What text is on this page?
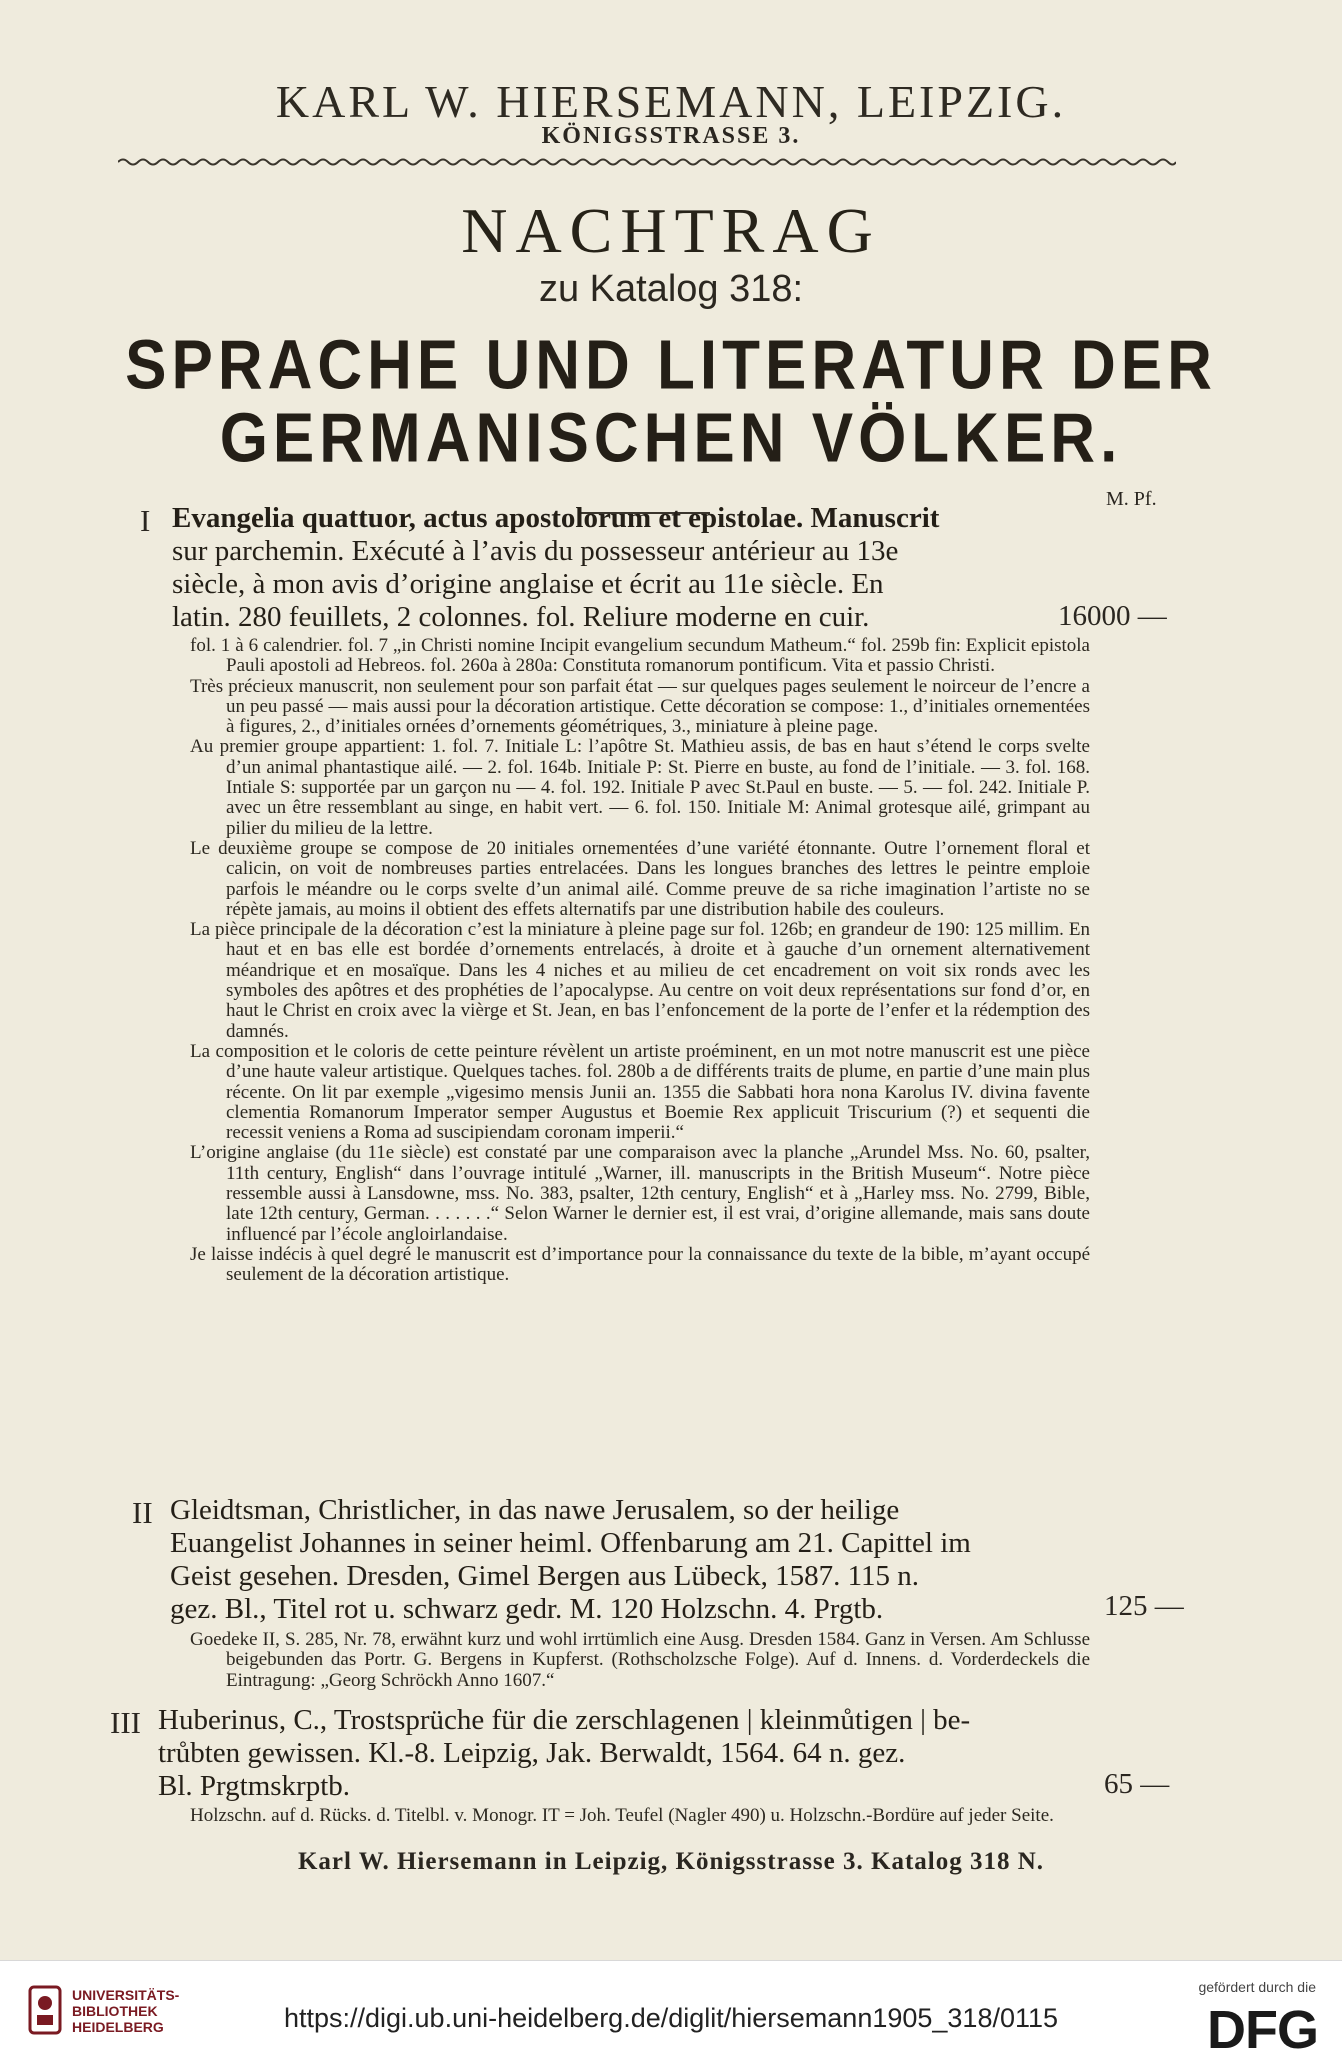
KARL W. HIERSEMANN, LEIPZIG.
KÖNIGSSTRASSE 3.
NACHTRAG
zu Katalog 318:
SPRACHE UND LITERATUR DER
GERMANISCHEN VÖLKER.
M. Pf.
I Evangelia quattuor, actus apostolorum et epistolae. Manuscrit
sur parchemin. Exécuté à l’avis du possesseur antérieur au 13e
siècle, à mon avis d’origine anglaise et écrit au 11e siècle. En
latin. 280 feuillets, 2 colonnes. fol. Reliure moderne en cuir.	16000 —

fol. 1 à 6 calendrier. fol. 7 „in Christi nomine Incipit evangelium secundum Matheum.“ fol. 259b fin: Explicit epistola Pauli apostoli ad Hebreos. fol. 260a à 280a: Constituta romanorum pontificum. Vita et passio Christi.

Très précieux manuscrit, non seulement pour son parfait état — sur quelques pages seulement le noirceur de l’encre a un peu passé — mais aussi pour la décoration artistique. Cette décoration se compose: 1., d’initiales ornementées à figures, 2., d’initiales ornées d’ornements géométriques, 3., miniature à pleine page.

Au premier groupe appartient: 1. fol. 7. Initiale L: l’apôtre St. Mathieu assis, de bas en haut s’étend le corps svelte d’un animal phantastique ailé. — 2. fol. 164b. Initiale P: St. Pierre en buste, au fond de l’initiale. — 3. fol. 168. Intiale S: supportée par un garçon nu — 4. fol. 192. Initiale P avec St.Paul en buste. — 5. — fol. 242. Initiale P. avec un être ressemblant au singe, en habit vert. — 6. fol. 150. Initiale M: Animal grotesque ailé, grimpant au pilier du milieu de la lettre.

Le deuxième groupe se compose de 20 initiales ornementées d’une variété étonnante. Outre l’ornement floral et calicin, on voit de nombreuses parties entrelacées. Dans les longues branches des lettres le peintre emploie parfois le méandre ou le corps svelte d’un animal ailé. Comme preuve de sa riche imagination l’artiste no se répète jamais, au moins il obtient des effets alternatifs par une distribution habile des couleurs.

La pièce principale de la décoration c’est la miniature à pleine page sur fol. 126b; en grandeur de 190: 125 millim. En haut et en bas elle est bordée d’ornements entrelacés, à droite et à gauche d’un ornement alternativement méandrique et en mosaïque. Dans les 4 niches et au milieu de cet encadrement on voit six ronds avec les symboles des apôtres et des prophéties de l’apocalypse. Au centre on voit deux représentations sur fond d’or, en haut le Christ en croix avec la vièrge et St. Jean, en bas l’enfoncement de la porte de l’enfer et la rédemption des damnés.

La composition et le coloris de cette peinture révèlent un artiste proéminent, en un mot notre manuscrit est une pièce d’une haute valeur artistique. Quelques taches. fol. 280b a de différents traits de plume, en partie d’une main plus récente. On lit par exemple „vigesimo mensis Junii an. 1355 die Sabbati hora nona Karolus IV. divina favente clementia Romanorum Imperator semper Augustus et Boemie Rex applicuit Triscurium (?) et sequenti die recessit veniens a Roma ad suscipiendam coronam imperii.“

L’origine anglaise (du 11e siècle) est constaté par une comparaison avec la planche „Arundel Mss. No. 60, psalter, 11th century, English“ dans l’ouvrage intitulé „Warner, ill. manuscripts in the British Museum“. Notre pièce ressemble aussi à Lansdowne, mss. No. 383, psalter, 12th century, English“ et à „Harley mss. No. 2799, Bible, late 12th century, German. . . . . . .“ Selon Warner le dernier est, il est vrai, d’origine allemande, mais sans doute influencé par l’école angloirlandaise.

Je laisse indécis à quel degré le manuscrit est d’importance pour la connaissance du texte de la bible, m’ayant occupé seulement de la décoration artistique.

II Gleidtsman, Christlicher, in das nawe Jerusalem, so der heilige
Euangelist Johannes in seiner heiml. Offenbarung am 21. Capittel im
Geist gesehen. Dresden, Gimel Bergen aus Lübeck, 1587. 115 n.
gez. Bl., Titel rot u. schwarz gedr. M. 120 Holzschn. 4. Prgtb.	125 —

Goedeke II, S. 285, Nr. 78, erwähnt kurz und wohl irrtümlich eine Ausg. Dresden 1584. Ganz in Versen. Am Schlusse beigebunden das Portr. G. Bergens in Kupferst. (Rothscholzsche Folge). Auf d. Innens. d. Vorderdeckels die Eintragung: „Georg Schröckh Anno 1607.“

III Huberinus, C., Trostsprüche für die zerschlagenen | kleinmůtigen | be-
trůbten gewissen. Kl.-8. Leipzig, Jak. Berwaldt, 1564. 64 n. gez.
Bl. Prgtmskrptb.	65 —

Holzschn. auf d. Rücks. d. Titelbl. v. Monogr. IT = Joh. Teufel (Nagler 490) u. Holzschn.-Bordüre auf jeder Seite.

Karl W. Hiersemann in Leipzig, Königsstrasse 3. Katalog 318 N.
UNIVERSITÄTS- BIBLIOTHEK HEIDELBERG	https://digi.ub.uni-heidelberg.de/diglit/hiersemann1905_318/0115
gefördert durch die
DFG
